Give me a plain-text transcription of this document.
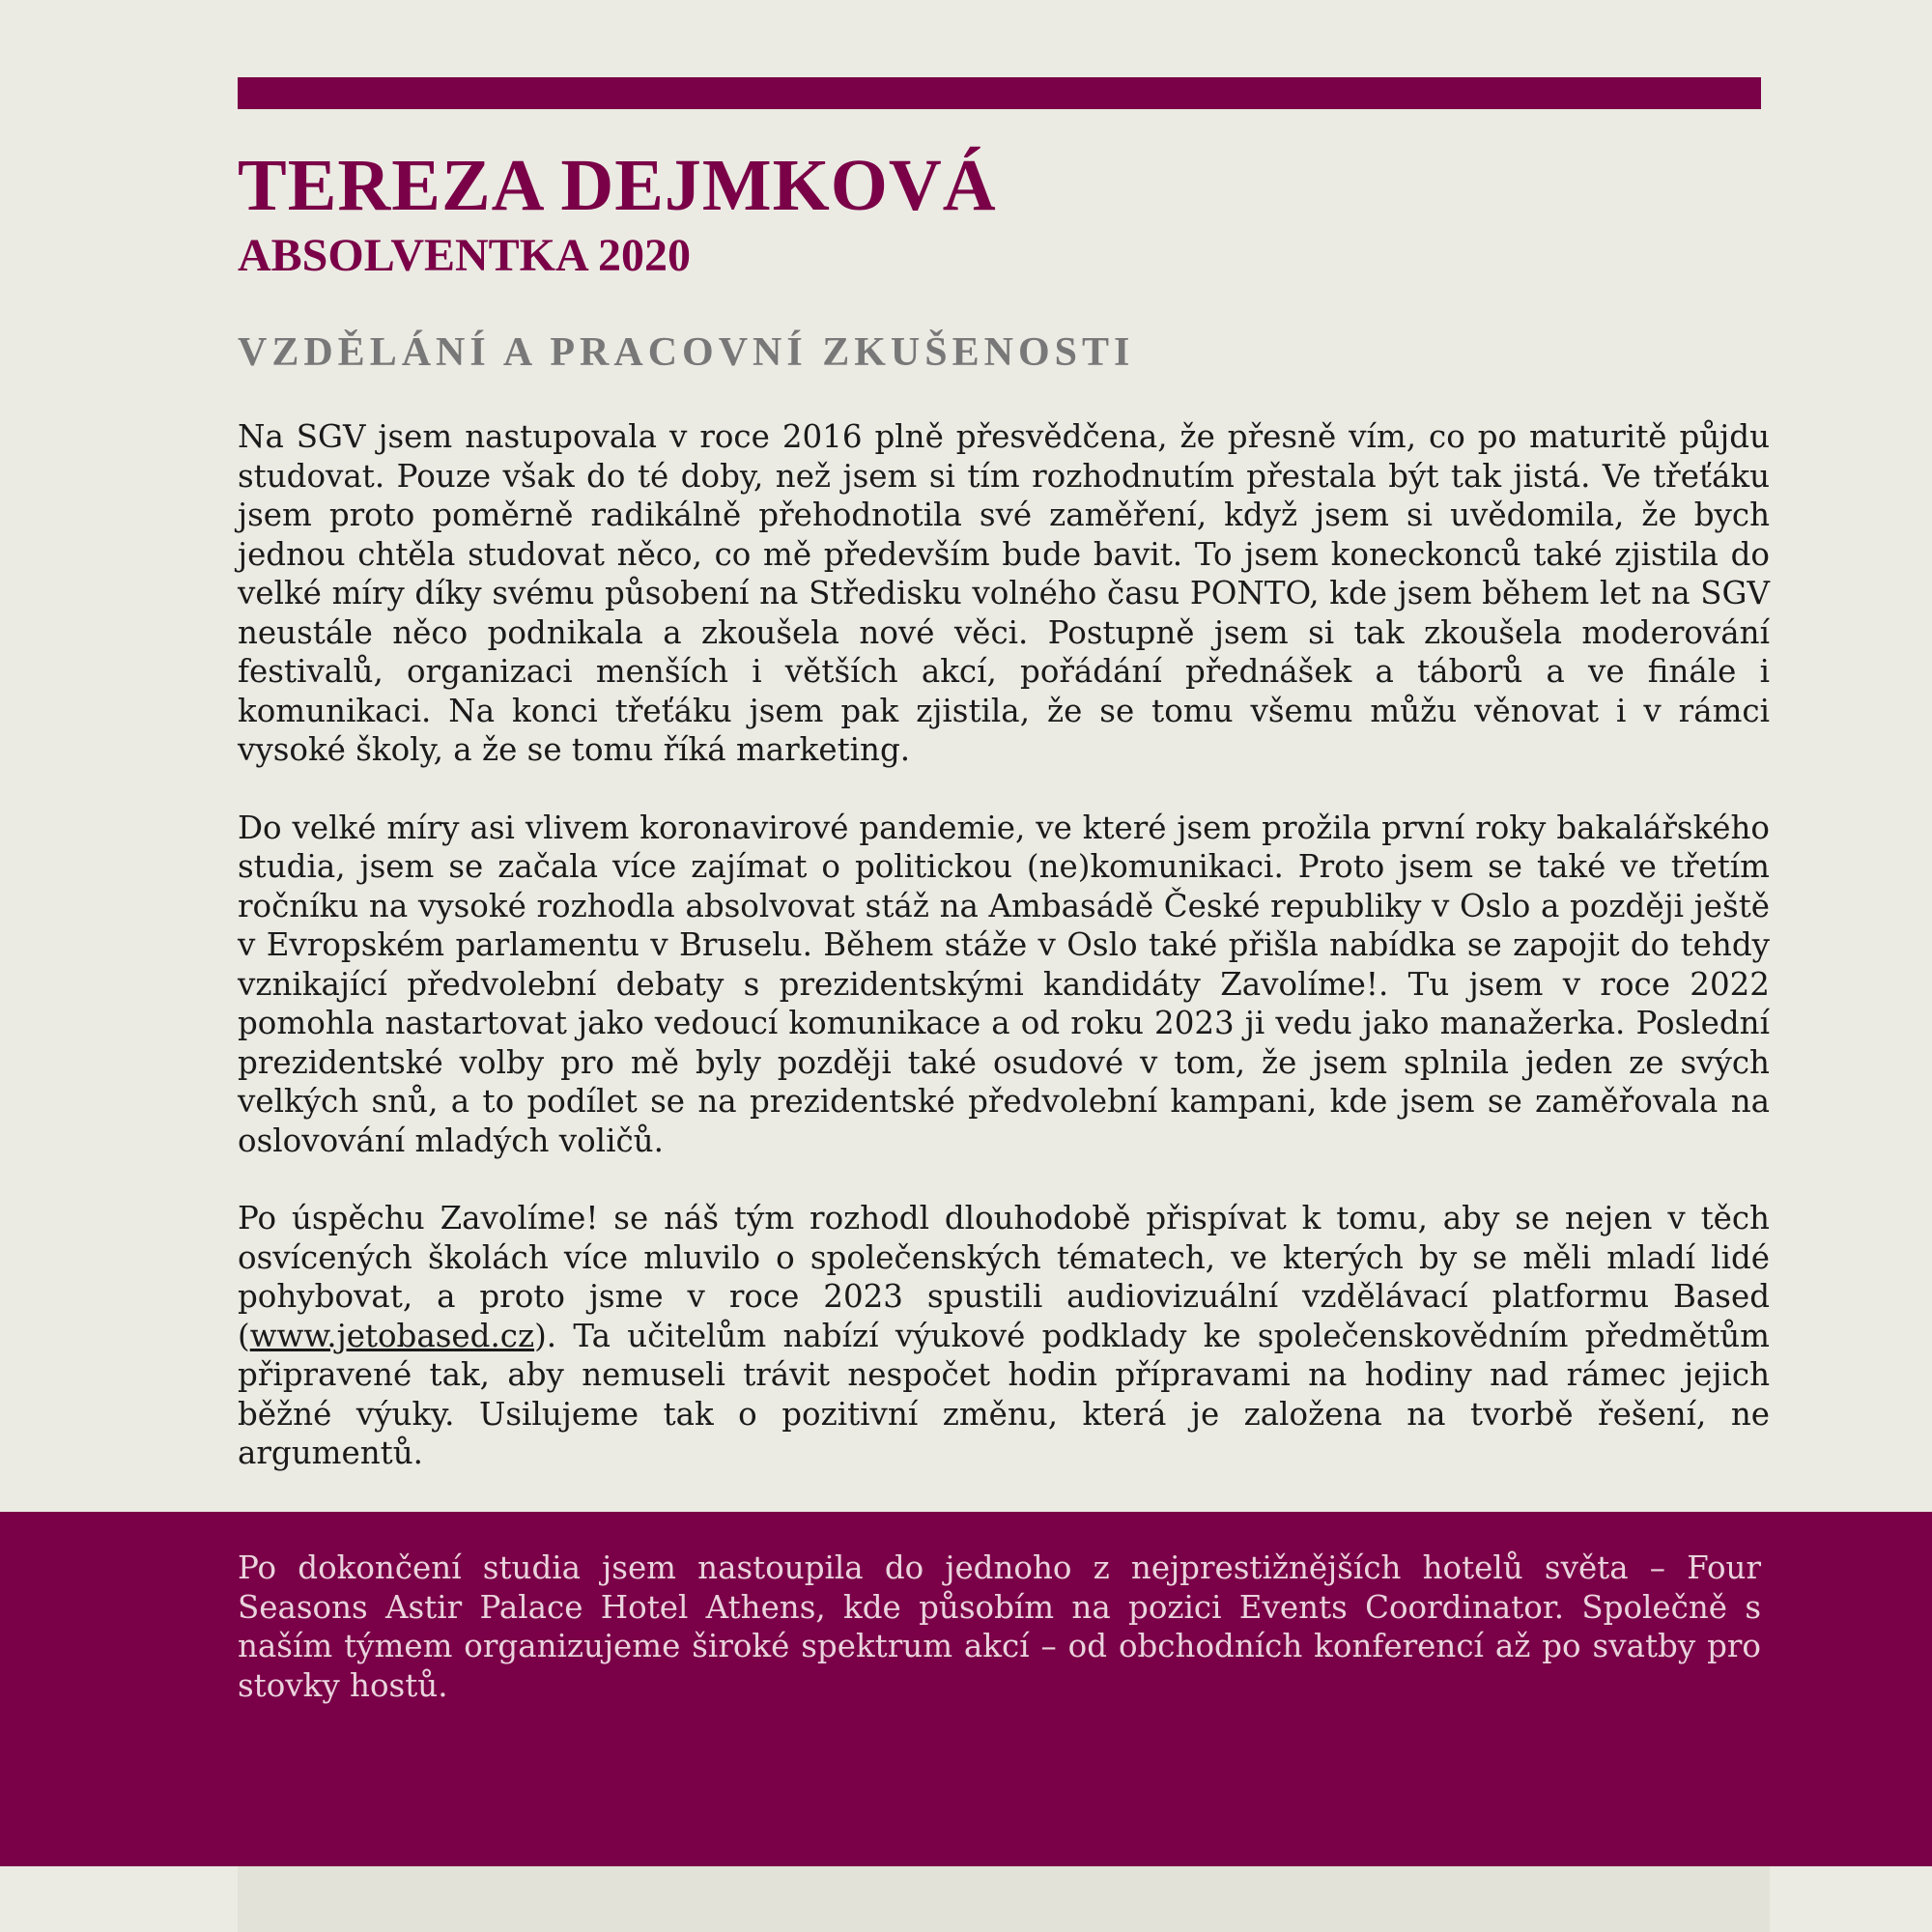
TEREZA DEJMKOVÁ
ABSOLVENTKA 2020
VZDĚLÁNÍ A PRACOVNÍ ZKUŠENOSTI

Na SGV jsem nastupovala v roce 2016 plně přesvědčena, že přesně vím, co po maturitě půjdu studovat. Pouze však do té doby, než jsem si tím rozhodnutím přestala být tak jistá. Ve třeťáku jsem proto poměrně radikálně přehodnotila své zaměření, když jsem si uvědomila, že bych jednou chtěla studovat něco, co mě především bude bavit. To jsem koneckonců také zjistila do velké míry díky svému působení na Středisku volného času PONTO, kde jsem během let na SGV neustále něco podnikala a zkoušela nové věci. Postupně jsem si tak zkoušela moderování festivalů, organizaci menších i větších akcí, pořádání přednášek a táborů a ve finále i komunikaci. Na konci třeťáku jsem pak zjistila, že se tomu všemu můžu věnovat i v rámci vysoké školy, a že se tomu říká marketing.

Do velké míry asi vlivem koronavirové pandemie, ve které jsem prožila první roky bakalářského studia, jsem se začala více zajímat o politickou (ne)komunikaci. Proto jsem se také ve třetím ročníku na vysoké rozhodla absolvovat stáž na Ambasádě České republiky v Oslo a později ještě v Evropském parlamentu v Bruselu. Během stáže v Oslo také přišla nabídka se zapojit do tehdy vznikající předvolební debaty s prezidentskými kandidáty Zavolíme!. Tu jsem v roce 2022 pomohla nastartovat jako vedoucí komunikace a od roku 2023 ji vedu jako manažerka. Poslední prezidentské volby pro mě byly později také osudové v tom, že jsem splnila jeden ze svých velkých snů, a to podílet se na prezidentské předvolební kampani, kde jsem se zaměřovala na oslovování mladých voličů.

Po úspěchu Zavolíme! se náš tým rozhodl dlouhodobě přispívat k tomu, aby se nejen v těch osvícených školách více mluvilo o společenských tématech, ve kterých by se měli mladí lidé pohybovat, a proto jsme v roce 2023 spustili audiovizuální vzdělávací platformu Based (www.jetobased.cz). Ta učitelům nabízí výukové podklady ke společenskovědním předmětům připravené tak, aby nemuseli trávit nespočet hodin přípravami na hodiny nad rámec jejich běžné výuky. Usilujeme tak o pozitivní změnu, která je založena na tvorbě řešení, ne argumentů.

Po dokončení studia jsem nastoupila do jednoho z nejprestižnějších hotelů světa – Four Seasons Astir Palace Hotel Athens, kde působím na pozici Events Coordinator. Společně s naším týmem organizujeme široké spektrum akcí – od obchodních konferencí až po svatby pro stovky hostů.
